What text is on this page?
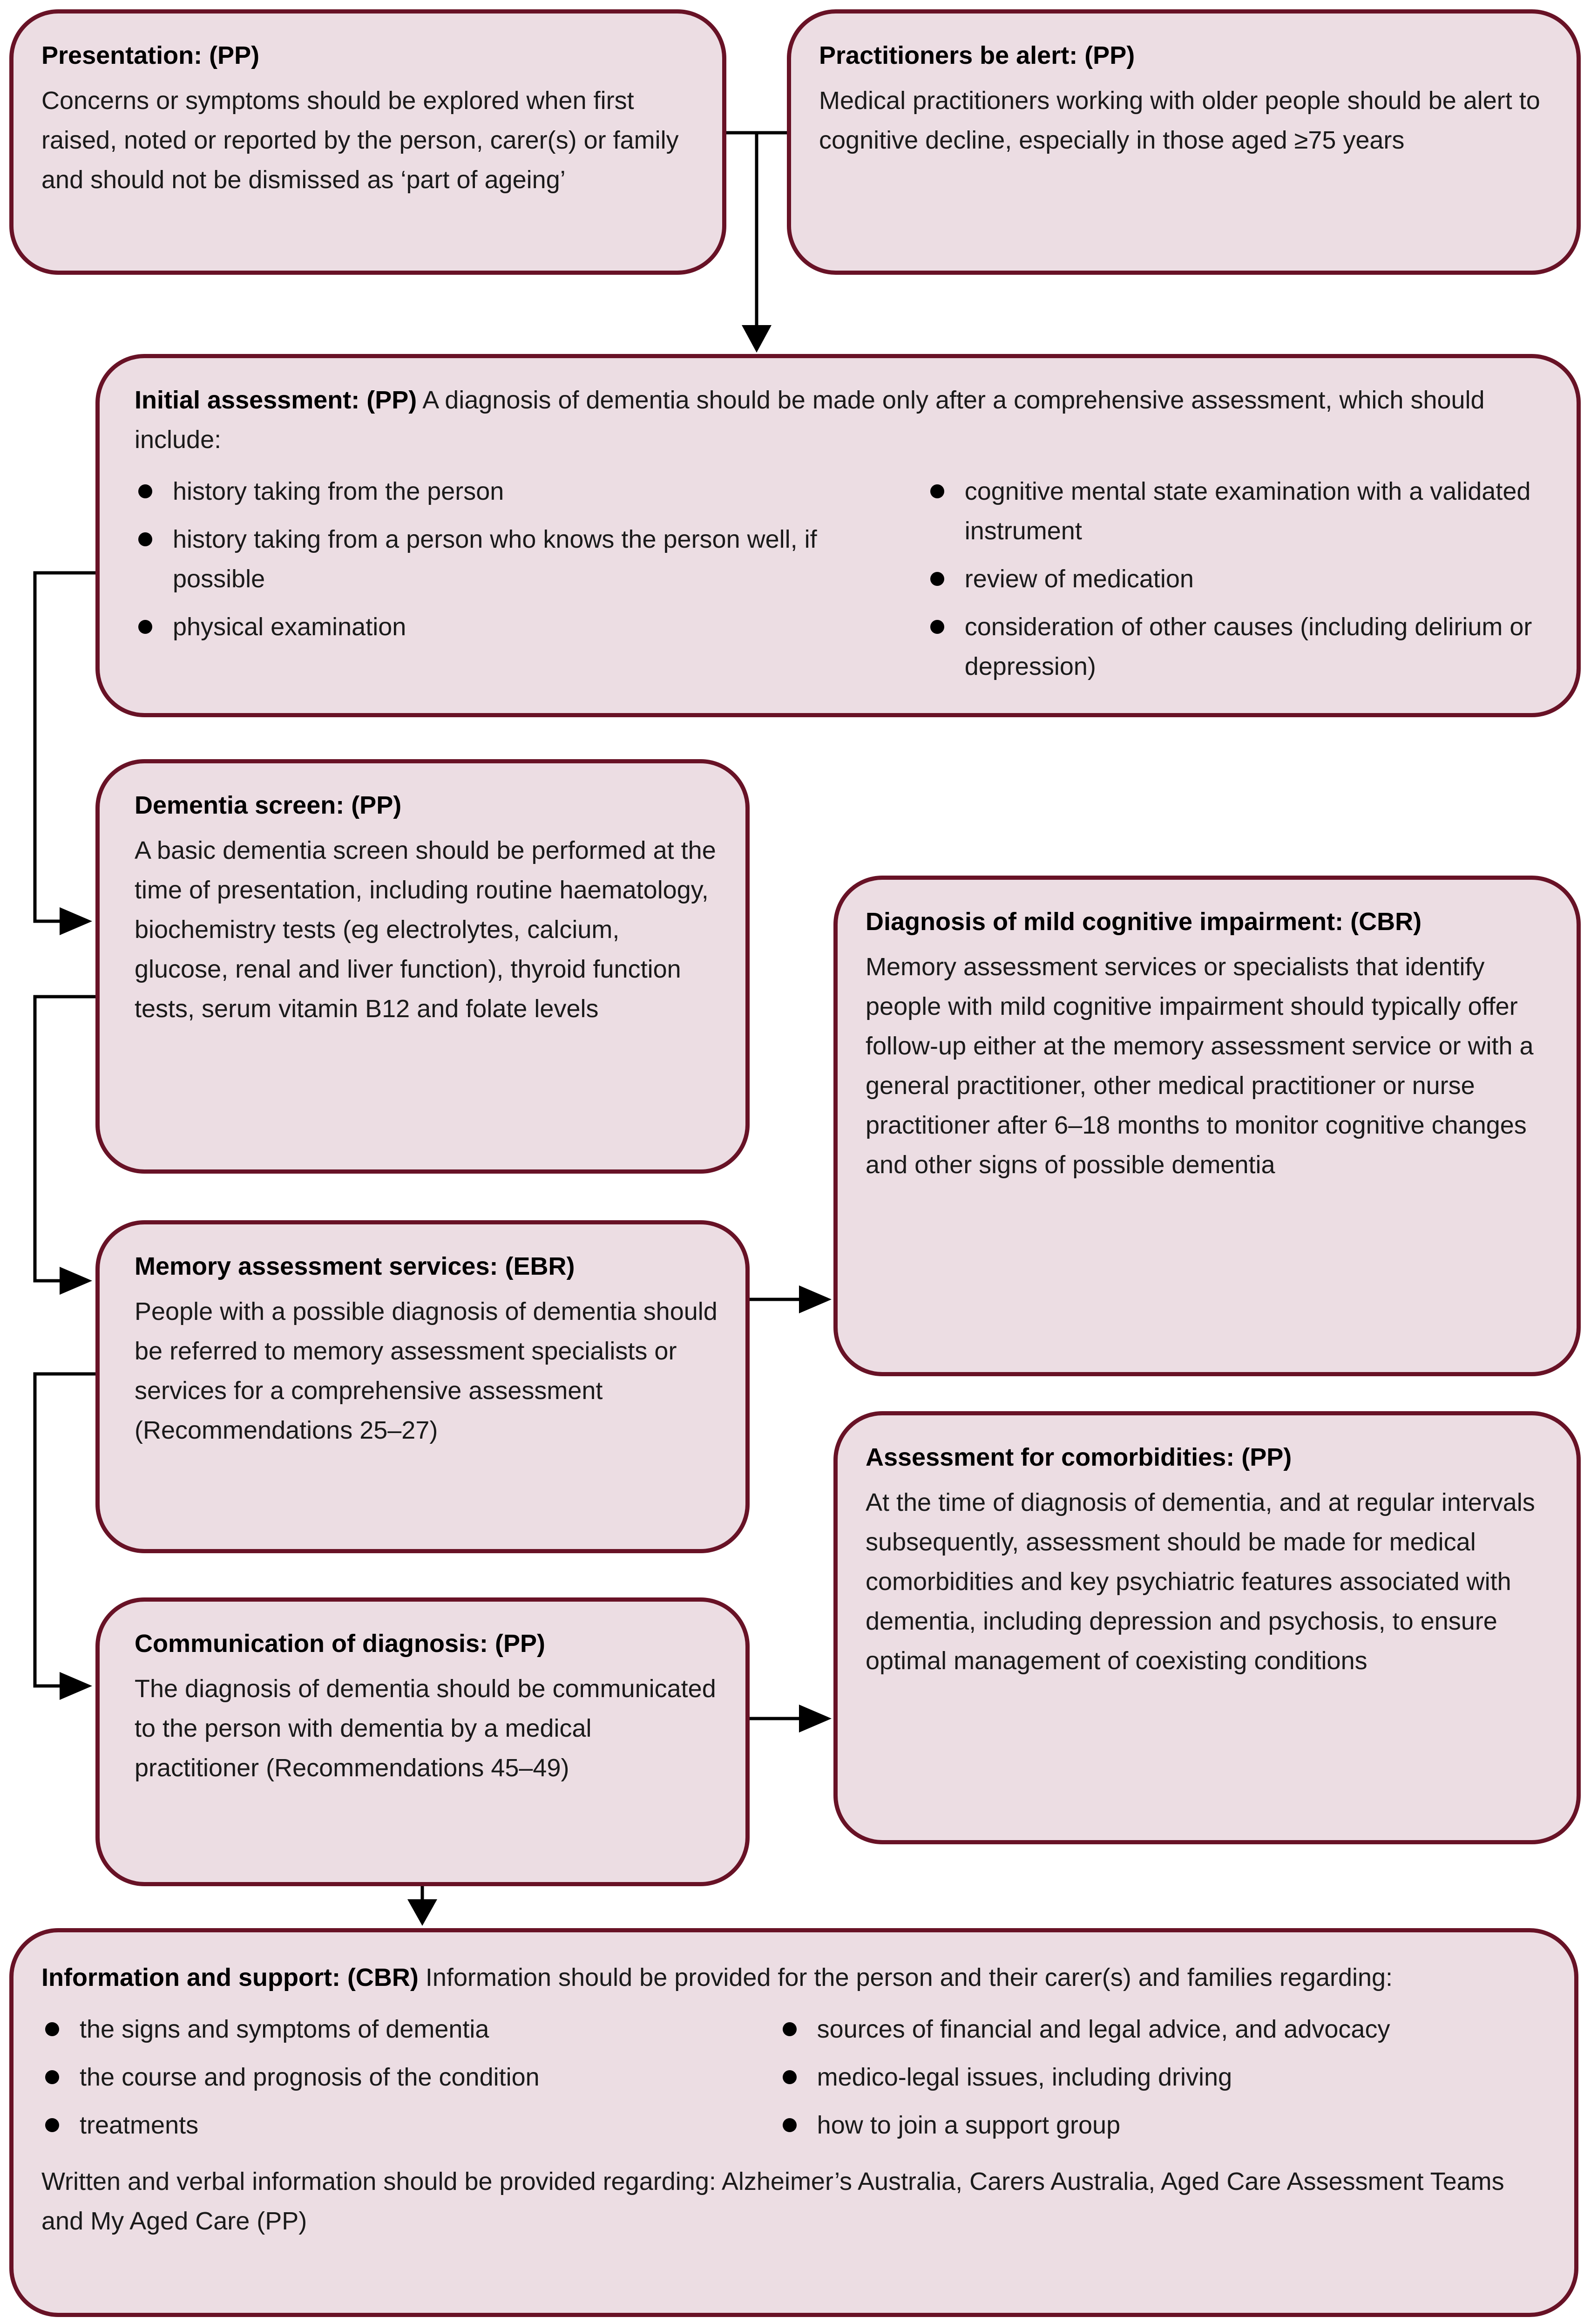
Presentation: (PP)

Concerns or symptoms should be explored when first raised, noted or reported by the person, carer(s) or family and should not be dismissed as ‘part of ageing’

Practitioners be alert: (PP)

Medical practitioners working with older people should be alert to cognitive decline, especially in those aged ≥75 years

Initial assessment: (PP) A diagnosis of dementia should be made only after a comprehensive assessment, which should include:

history taking from the person
history taking from a person who knows the person well, if possible
physical examination
cognitive mental state examination with a validated instrument
review of medication
consideration of other causes (including delirium or depression)

Dementia screen: (PP)

A basic dementia screen should be performed at the time of presentation, including routine haematology, biochemistry tests (eg electrolytes, calcium, glucose, renal and liver function), thyroid function tests, serum vitamin B12 and folate levels

Memory assessment services: (EBR)

People with a possible diagnosis of dementia should be referred to memory assessment specialists or services for a comprehensive assessment (Recommendations 25–27)

Communication of diagnosis: (PP)

The diagnosis of dementia should be communicated to the person with dementia by a medical practitioner (Recommendations 45–49)

Diagnosis of mild cognitive impairment: (CBR)

Memory assessment services or specialists that identify people with mild cognitive impairment should typically offer follow-up either at the memory assessment service or with a general practitioner, other medical practitioner or nurse practitioner after 6–18 months to monitor cognitive changes and other signs of possible dementia

Assessment for comorbidities: (PP)

At the time of diagnosis of dementia, and at regular intervals subsequently, assessment should be made for medical comorbidities and key psychiatric features associated with dementia, including depression and psychosis, to ensure optimal management of coexisting conditions

Information and support: (CBR) Information should be provided for the person and their carer(s) and families regarding:

the signs and symptoms of dementia
the course and prognosis of the condition
treatments
sources of financial and legal advice, and advocacy
medico-legal issues, including driving
how to join a support group

Written and verbal information should be provided regarding: Alzheimer’s Australia, Carers Australia, Aged Care Assessment Teams and My Aged Care (PP)
